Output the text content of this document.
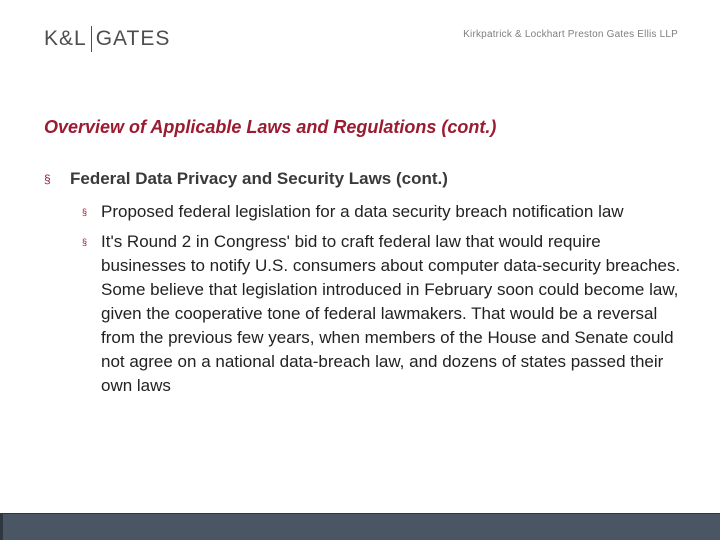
K&L GATES	Kirkpatrick & Lockhart Preston Gates Ellis LLP
Overview of Applicable Laws and Regulations (cont.)
§	Federal Data Privacy and Security Laws (cont.)
§ Proposed federal legislation for a data security breach notification law
§ It's Round 2 in Congress' bid to craft federal law that would require businesses to notify U.S. consumers about computer data-security breaches. Some believe that legislation introduced in February soon could become law, given the cooperative tone of federal lawmakers. That would be a reversal from the previous few years, when members of the House and Senate could not agree on a national data-breach law, and dozens of states passed their own laws
